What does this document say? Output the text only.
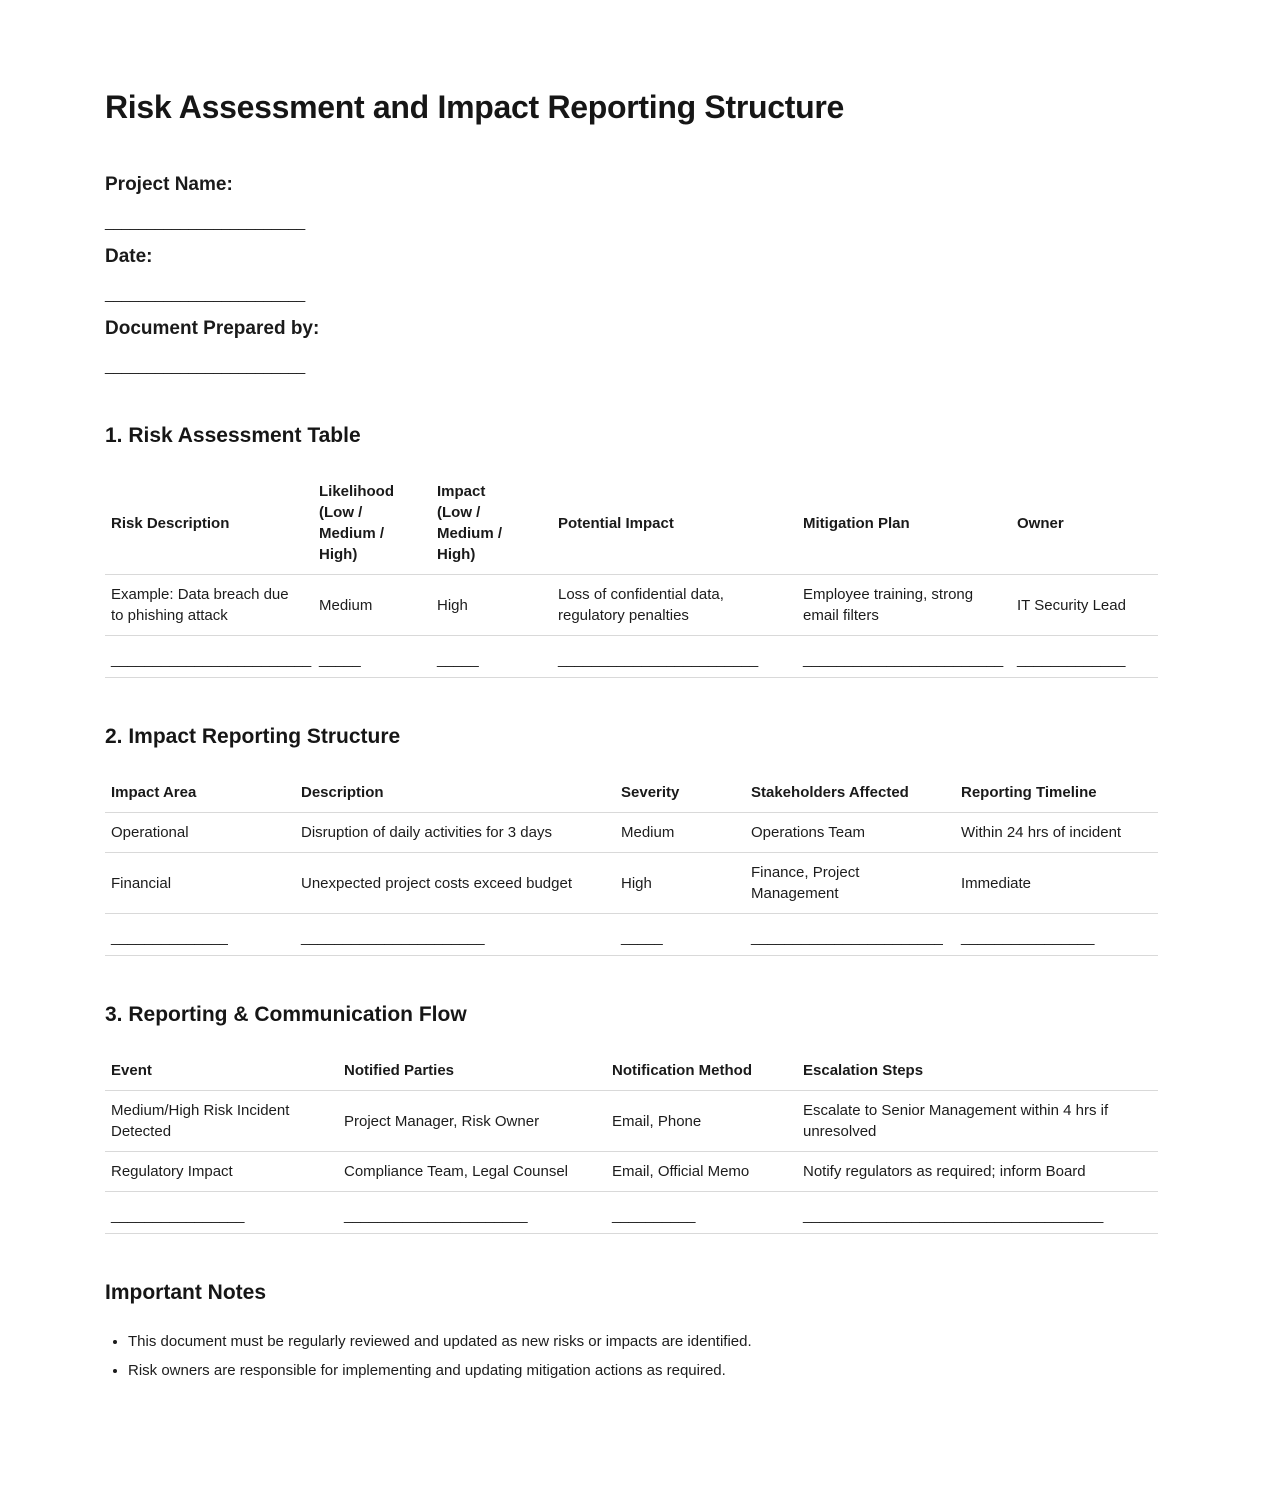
Risk Assessment and Impact Reporting Structure

Project Name:

________________________

Date:

________________________

Document Prepared by:

________________________

1. Risk Assessment Table
Risk Description	Likelihood (Low / Medium / High)	Impact (Low / Medium / High)	Potential Impact	Mitigation Plan	Owner
Example: Data breach due to phishing attack	Medium	High	Loss of confidential data, regulatory penalties	Employee training, strong email filters	IT Security Lead
________________________	_____	_____	________________________	________________________	_____________
2. Impact Reporting Structure
Impact Area	Description	Severity	Stakeholders Affected	Reporting Timeline
Operational	Disruption of daily activities for 3 days	Medium	Operations Team	Within 24 hrs of incident
Financial	Unexpected project costs exceed budget	High	Finance, Project Management	Immediate
______________	______________________	_____	_______________________	________________
3. Reporting & Communication Flow
Event	Notified Parties	Notification Method	Escalation Steps
Medium/High Risk Incident Detected	Project Manager, Risk Owner	Email, Phone	Escalate to Senior Management within 4 hrs if unresolved
Regulatory Impact	Compliance Team, Legal Counsel	Email, Official Memo	Notify regulators as required; inform Board
________________	______________________	__________	____________________________________
Important Notes
• This document must be regularly reviewed and updated as new risks or impacts are identified.
• Risk owners are responsible for implementing and updating mitigation actions as required.
